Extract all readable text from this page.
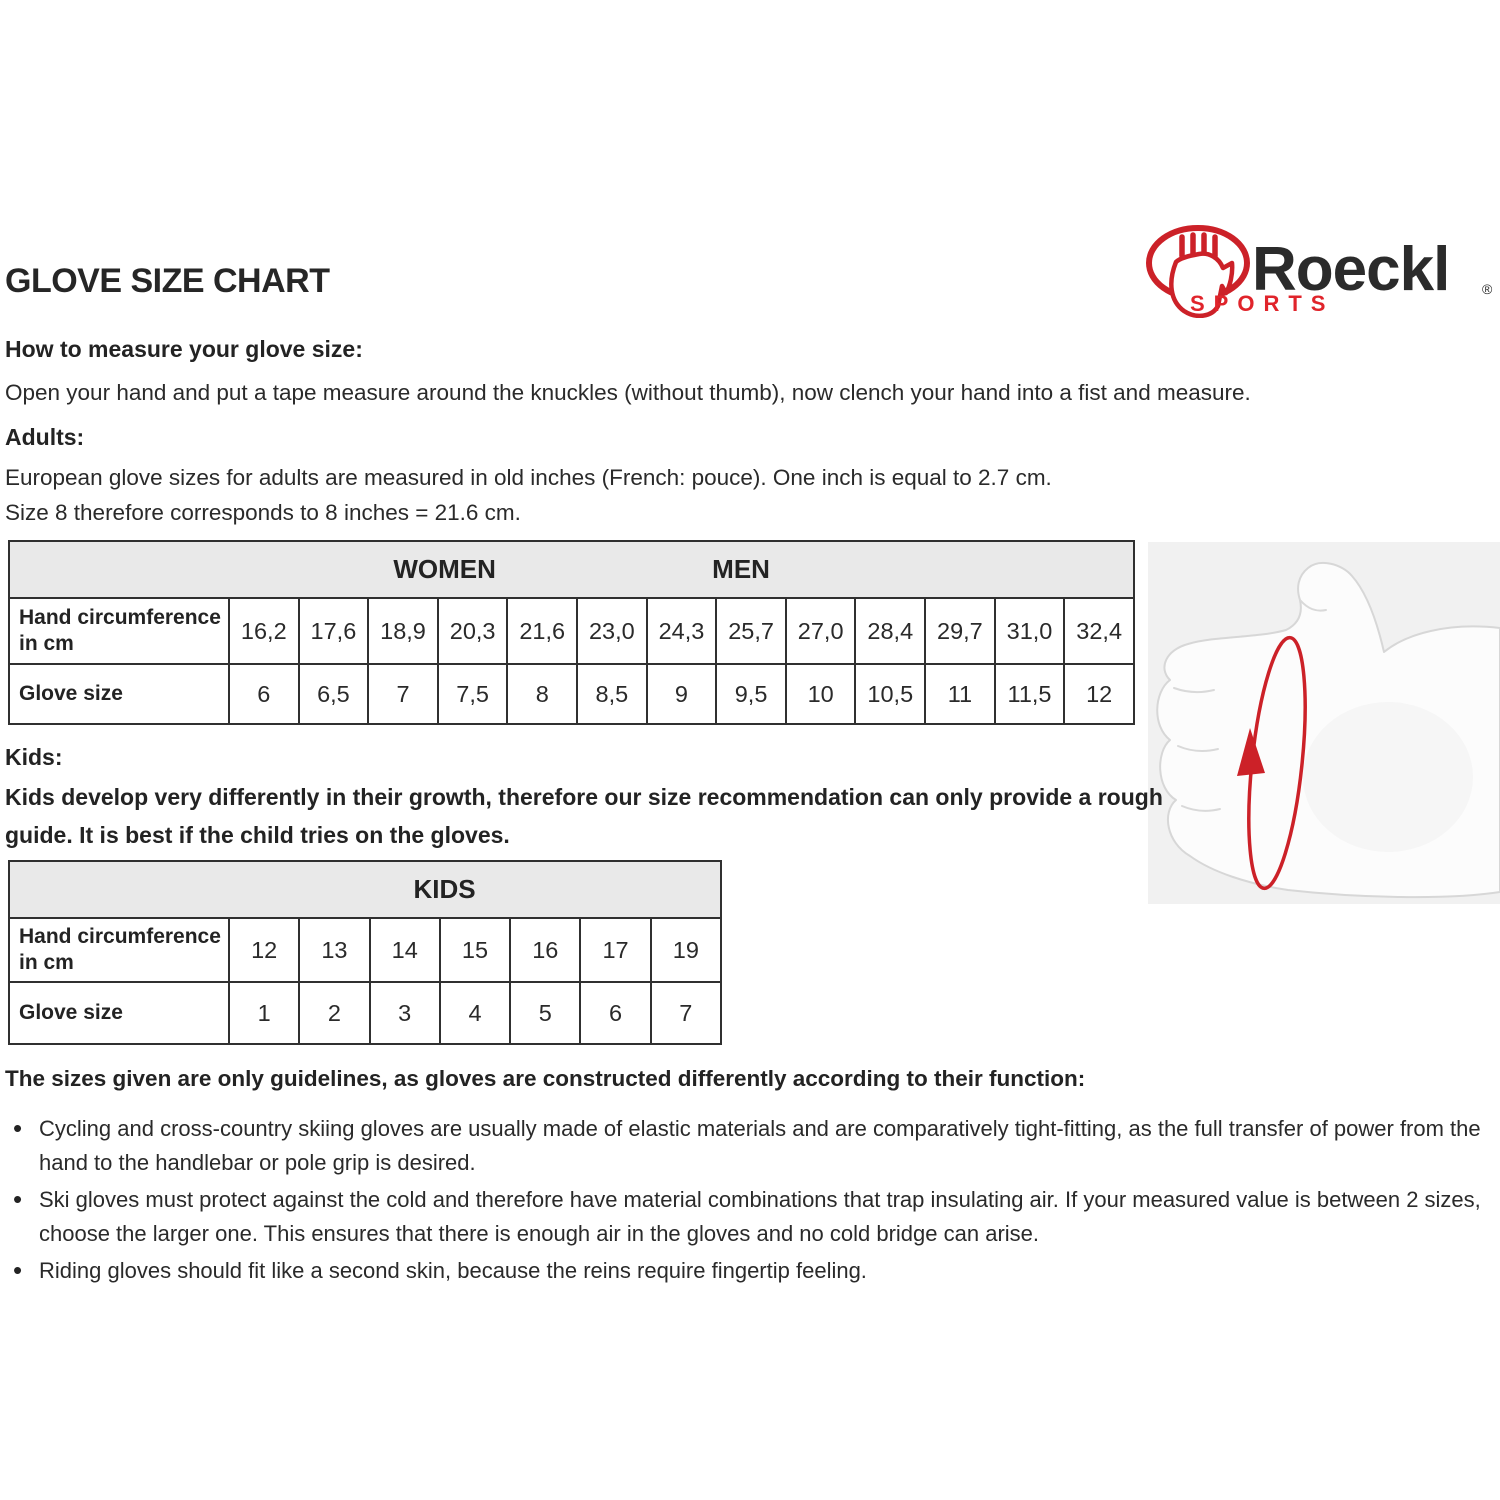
GLOVE SIZE CHART	Roeckl ®
SPORTS
How to measure your glove size:
Open your hand and put a tape measure around the knuckles (without thumb), now clench your hand into a fist and measure.
Adults:
European glove sizes for adults are measured in old inches (French: pouce). One inch is equal to 2.7 cm.
Size 8 therefore corresponds to 8 inches = 21.6 cm.
WOMEN MEN													

Hand circumference in cm	16,2	17,6	18,9	20,3	21,6	23,0	24,3	25,7	27,0	28,4	29,7	31,0	32,4
Glove size	6	6,5	7	7,5	8	8,5	9	9,5	10	10,5	11	11,5	12
Kids:
Kids develop very differently in their growth, therefore our size recommendation can only provide a rough
guide. It is best if the child tries on the gloves.
KIDS							

Hand circumference in cm	12	13	14	15	16	17	19
Glove size	1	2	3	4	5	6	7
The sizes given are only guidelines, as gloves are constructed differently according to their function:
• Cycling and cross-country skiing gloves are usually made of elastic materials and are comparatively tight-fitting, as the full transfer of power from the hand to the handlebar or pole grip is desired.
• Ski gloves must protect against the cold and therefore have material combinations that trap insulating air. If your measured value is between 2 sizes, choose the larger one. This ensures that there is enough air in the gloves and no cold bridge can arise.
• Riding gloves should fit like a second skin, because the reins require fingertip feeling.
